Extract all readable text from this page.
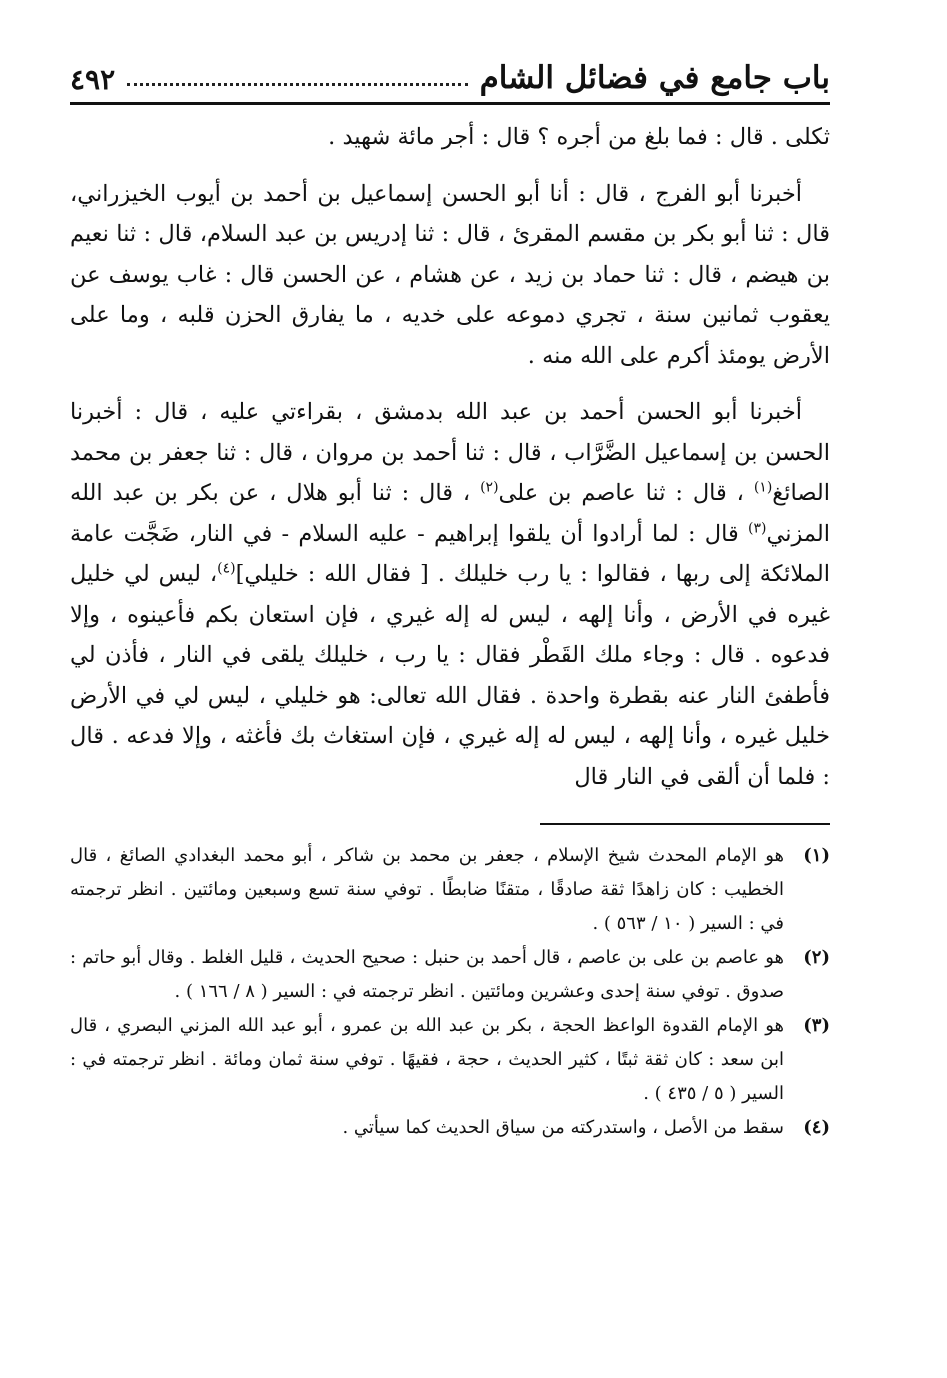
باب جامع في فضائل الشام
٤٩٢

ثكلى . قال : فما بلغ من أجره ؟ قال : أجر مائة شهيد .

أخبرنا أبو الفرج ، قال : أنا أبو الحسن إسماعيل بن أحمد بن أيوب الخيزراني، قال : ثنا أبو بكر بن مقسم المقرئ ، قال : ثنا إدريس بن عبد السلام، قال : ثنا نعيم بن هيضم ، قال : ثنا حماد بن زيد ، عن هشام ، عن الحسن قال : غاب يوسف عن يعقوب ثمانين سنة ، تجري دموعه على خديه ، ما يفارق الحزن قلبه ، وما على الأرض يومئذ أكرم على الله منه .

أخبرنا أبو الحسن أحمد بن عبد الله بدمشق ، بقراءتي عليه ، قال : أخبرنا الحسن بن إسماعيل الضَّرَّاب ، قال : ثنا أحمد بن مروان ، قال : ثنا جعفر بن محمد الصائغ$^{(١)}$ ، قال : ثنا عاصم بن على$^{(٢)}$ ، قال : ثنا أبو هلال ، عن بكر بن عبد الله المزني$^{(٣)}$ قال : لما أرادوا أن يلقوا إبراهيم - عليه السلام - في النار، ضَجَّت عامة الملائكة إلى ربها ، فقالوا : يا رب خليلك . [ فقال الله : خليلي]$^{(٤)}$، ليس لي خليل غيره في الأرض ، وأنا إلهه ، ليس له إله غيري ، فإن استعان بكم فأعينوه ، وإلا فدعوه . قال : وجاء ملك القَطْر فقال : يا رب ، خليلك يلقى في النار ، فأذن لي فأطفئ النار عنه بقطرة واحدة . فقال الله تعالى: هو خليلي ، ليس لي في الأرض خليل غيره ، وأنا إلهه ، ليس له إله غيري ، فإن استغاث بك فأغثه ، وإلا فدعه . قال : فلما أن ألقى في النار قال

(١)
هو الإمام المحدث شيخ الإسلام ، جعفر بن محمد بن شاكر ، أبو محمد البغدادي الصائغ ، قال الخطيب : كان زاهدًا ثقة صادقًا ، متقنًا ضابطًا . توفي سنة تسع وسبعين ومائتين . انظر ترجمته في : السير ( ١٠ / ٥٦٣ ) .
(٢)
هو عاصم بن على بن عاصم ، قال أحمد بن حنبل : صحيح الحديث ، قليل الغلط . وقال أبو حاتم : صدوق . توفي سنة إحدى وعشرين ومائتين . انظر ترجمته في : السير ( ٨ / ١٦٦ ) .
(٣)
هو الإمام القدوة الواعظ الحجة ، بكر بن عبد الله بن عمرو ، أبو عبد الله المزني البصري ، قال ابن سعد : كان ثقة ثبتًا ، كثير الحديث ، حجة ، فقيهًا . توفي سنة ثمان ومائة . انظر ترجمته في : السير ( ٥ / ٤٣٥ ) .
(٤)
سقط من الأصل ، واستدركته من سياق الحديث كما سيأتي .
